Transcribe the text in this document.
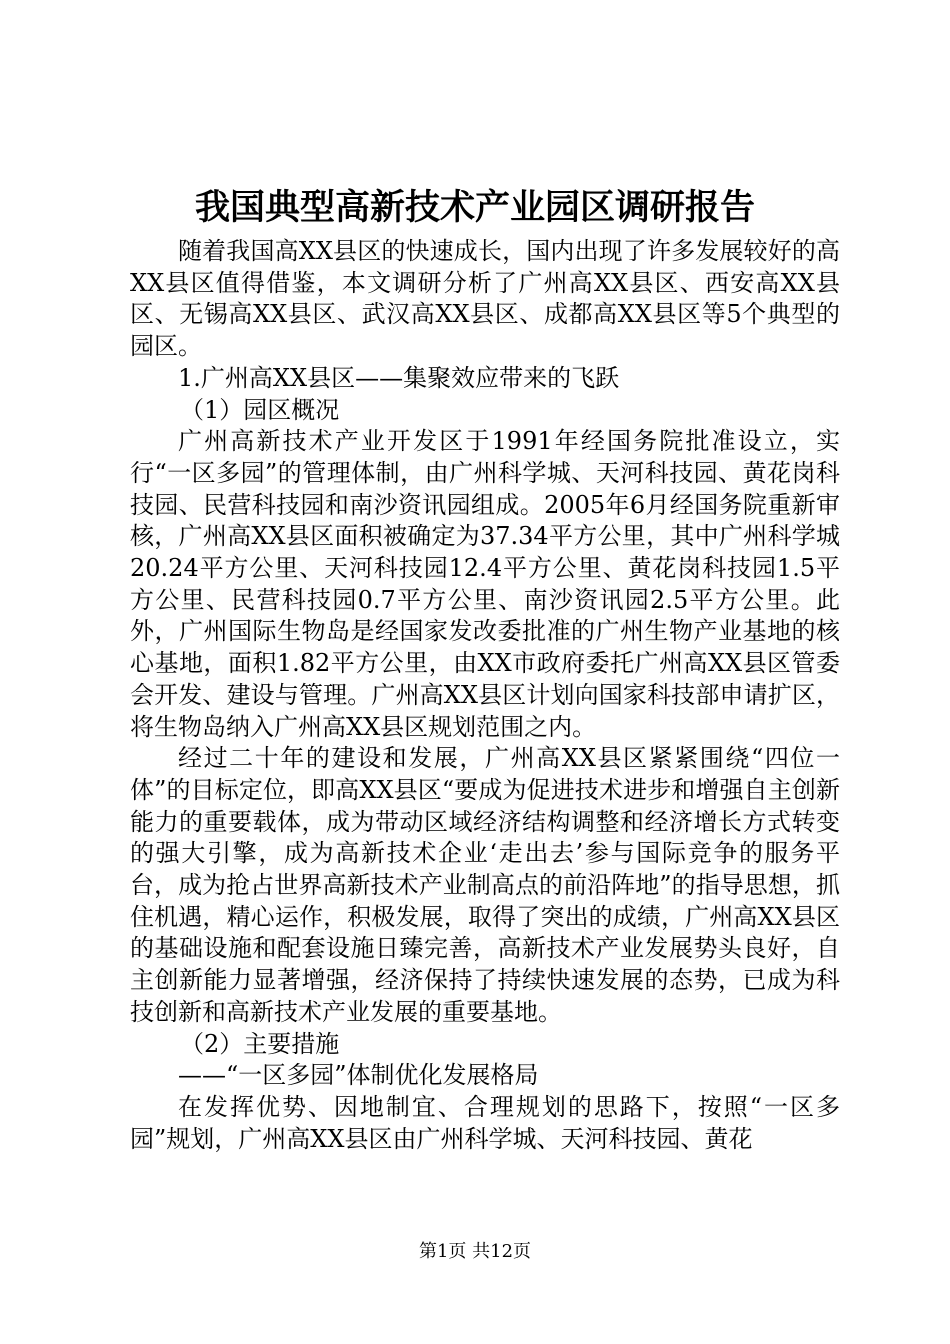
我国典型高新技术产业园区调研报告

随着我国高XX县区的快速成长，国内出现了许多发展较好的高XX县区值得借鉴，本文调研分析了广州高XX县区、西安高XX县区、无锡高XX县区、武汉高XX县区、成都高XX县区等5个典型的园区。

1.广州高XX县区——集聚效应带来的飞跃

（1）园区概况

广州高新技术产业开发区于1991年经国务院批准设立，实行“一区多园”的管理体制，由广州科学城、天河科技园、黄花岗科技园、民营科技园和南沙资讯园组成。2005年6月经国务院重新审核，广州高XX县区面积被确定为37.34平方公里，其中广州科学城20.24平方公里、天河科技园12.4平方公里、黄花岗科技园1.5平方公里、民营科技园0.7平方公里、南沙资讯园2.5平方公里。此外，广州国际生物岛是经国家发改委批准的广州生物产业基地的核心基地，面积1.82平方公里，由XX市政府委托广州高XX县区管委会开发、建设与管理。广州高XX县区计划向国家科技部申请扩区，将生物岛纳入广州高XX县区规划范围之内。

经过二十年的建设和发展，广州高XX县区紧紧围绕“四位一体”的目标定位，即高XX县区“要成为促进技术进步和增强自主创新能力的重要载体，成为带动区域经济结构调整和经济增长方式转变的强大引擎，成为高新技术企业‘走出去’参与国际竞争的服务平台，成为抢占世界高新技术产业制高点的前沿阵地”的指导思想，抓住机遇，精心运作，积极发展，取得了突出的成绩，广州高XX县区的基础设施和配套设施日臻完善，高新技术产业发展势头良好，自主创新能力显著增强，经济保持了持续快速发展的态势，已成为科技创新和高新技术产业发展的重要基地。

（2）主要措施

——“一区多园”体制优化发展格局

在发挥优势、因地制宜、合理规划的思路下，按照“一区多园”规划，广州高XX县区由广州科学城、天河科技园、黄花

第1页 共12页
